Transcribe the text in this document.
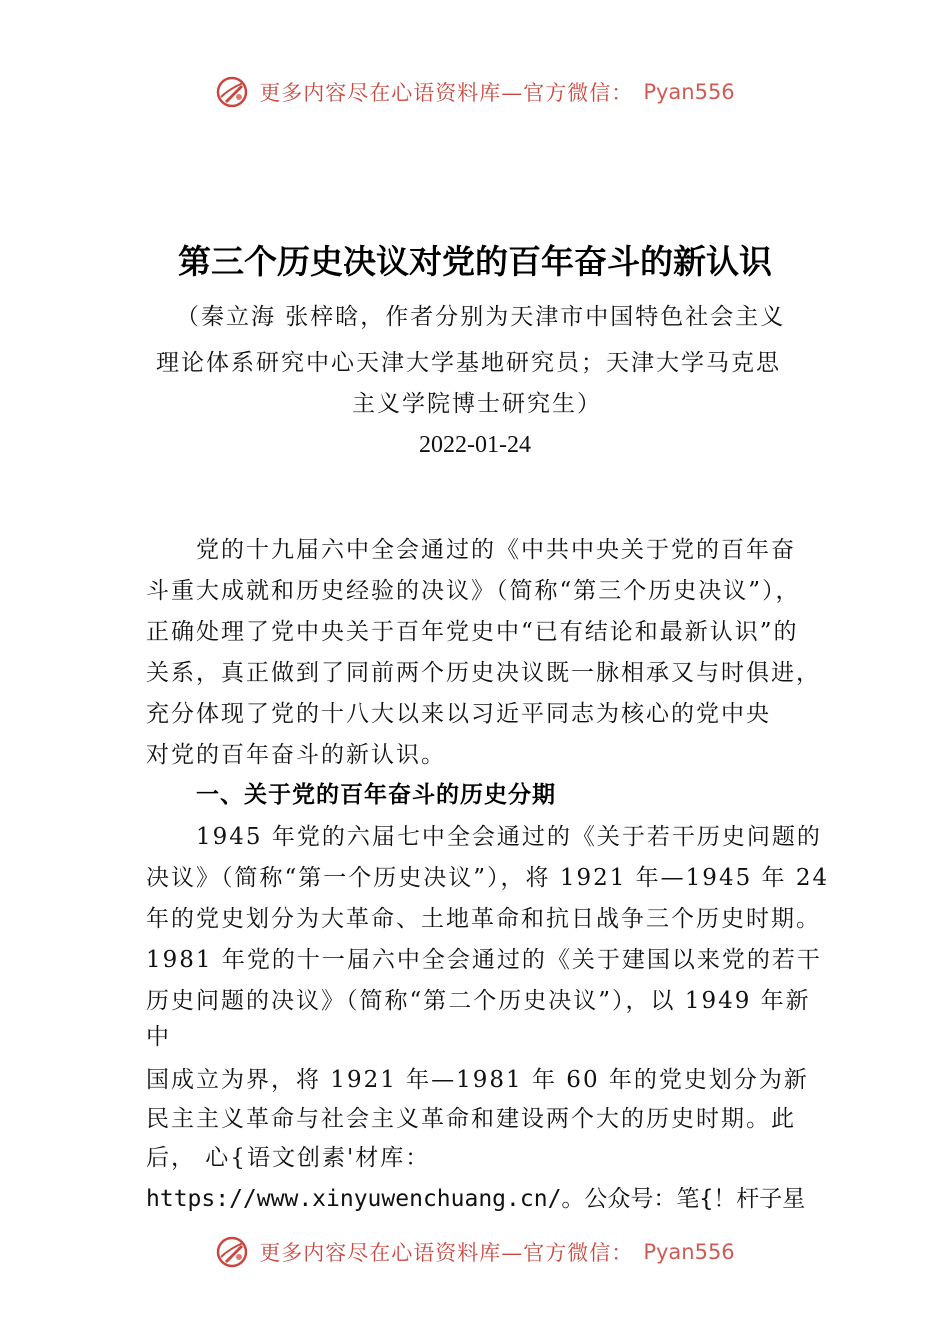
更多内容尽在心语资料库—官方微信： Pyan556
第三个历史决议对党的百年奋斗的新认识
（秦立海 张梓晗，作者分别为天津市中国特色社会主义
理论体系研究中心天津大学基地研究员；天津大学马克思
主义学院博士研究生）
2022-01-24
党的十九届六中全会通过的《中共中央关于党的百年奋
斗重大成就和历史经验的决议》（简称“第三个历史决议”），
正确处理了党中央关于百年党史中“已有结论和最新认识”的
关系，真正做到了同前两个历史决议既一脉相承又与时俱进，
充分体现了党的十八大以来以习近平同志为核心的党中央
对党的百年奋斗的新认识。
一、关于党的百年奋斗的历史分期
1945 年党的六届七中全会通过的《关于若干历史问题的
决议》（简称“第一个历史决议”），将 1921 年—1945 年 24
年的党史划分为大革命、土地革命和抗日战争三个历史时期。
1981 年党的十一届六中全会通过的《关于建国以来党的若干
历史问题的决议》（简称“第二个历史决议”），以 1949 年新
中
国成立为界，将 1921 年—1981 年 60 年的党史划分为新
民主主义革命与社会主义革命和建设两个大的历史时期。此
后， 心{语文创素'材库：
https://www.xinyuwenchuang.cn/。公众号：笔{！杆子星
更多内容尽在心语资料库—官方微信： Pyan556
